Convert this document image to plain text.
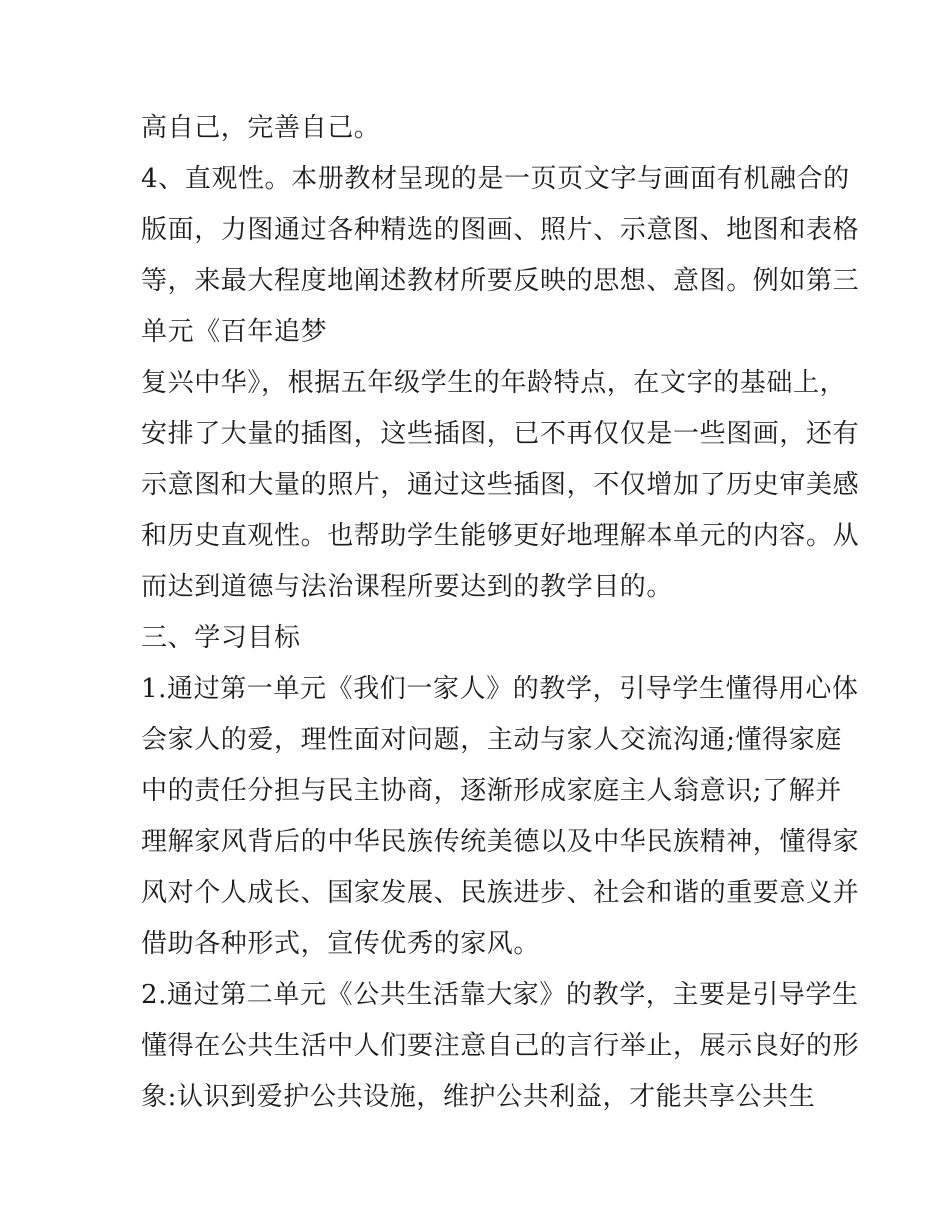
高自己，完善自己。

4、直观性。本册教材呈现的是一页页文字与画面有机融合的

版面，力图通过各种精选的图画、照片、示意图、地图和表格

等，来最大程度地阐述教材所要反映的思想、意图。例如第三

单元《百年追梦

复兴中华》，根据五年级学生的年龄特点，在文字的基础上，

安排了大量的插图，这些插图，已不再仅仅是一些图画，还有

示意图和大量的照片，通过这些插图，不仅增加了历史审美感

和历史直观性。也帮助学生能够更好地理解本单元的内容。从

而达到道德与法治课程所要达到的教学目的。

三、学习目标

1.通过第一单元《我们一家人》的教学，引导学生懂得用心体

会家人的爱，理性面对问题，主动与家人交流沟通;懂得家庭

中的责任分担与民主协商，逐渐形成家庭主人翁意识;了解并

理解家风背后的中华民族传统美德以及中华民族精神，懂得家

风对个人成长、国家发展、民族进步、社会和谐的重要意义并

借助各种形式，宣传优秀的家风。

2.通过第二单元《公共生活靠大家》的教学，主要是引导学生

懂得在公共生活中人们要注意自己的言行举止，展示良好的形

象:认识到爱护公共设施，维护公共利益，才能共享公共生
